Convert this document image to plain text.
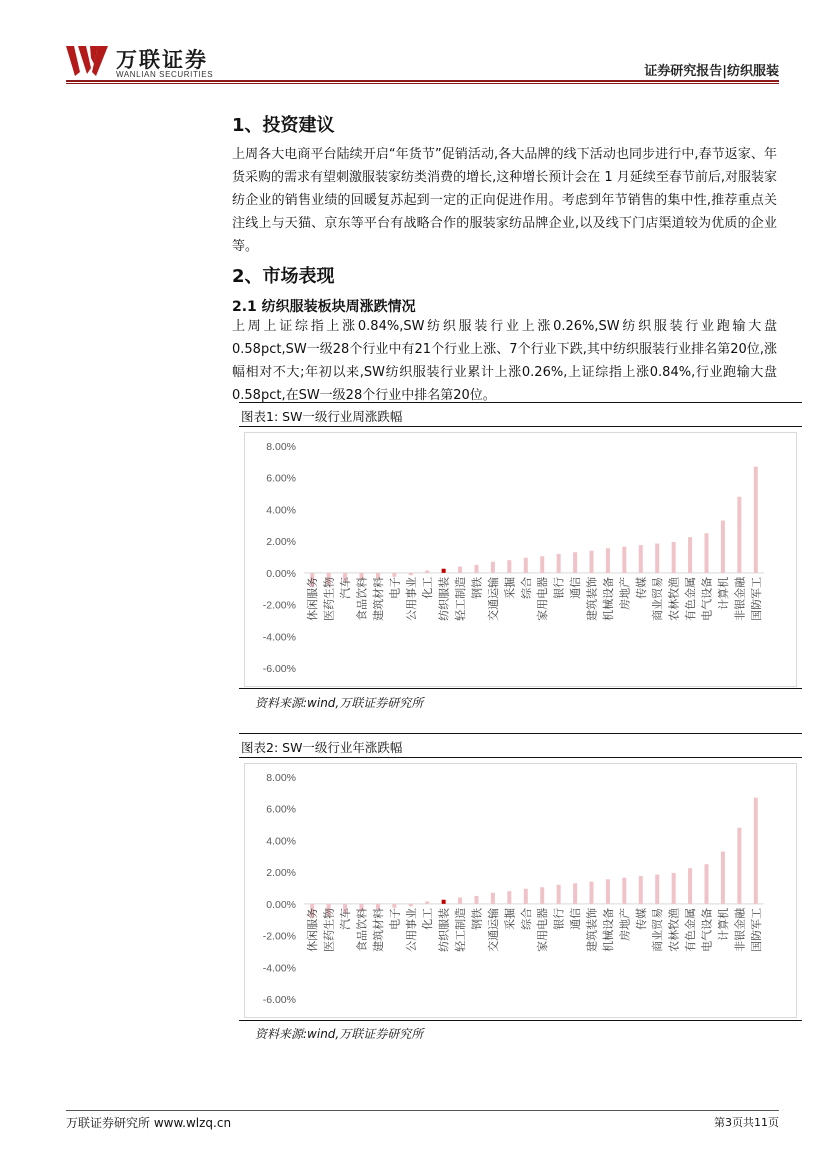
万联证券
WANLIAN SECURITIES	证券研究报告|纺织服装
1、投资建议
上周各大电商平台陆续开启“年货节”促销活动,各大品牌的线下活动也同步进行中,春节返家、年货采购的需求有望刺激服装家纺类消费的增长,这种增长预计会在 1 月延续至春节前后,对服装家纺企业的销售业绩的回暖复苏起到一定的正向促进作用。考虑到年节销售的集中性,推荐重点关注线上与天猫、京东等平台有战略合作的服装家纺品牌企业,以及线下门店渠道较为优质的企业等。
2、市场表现
2.1 纺织服装板块周涨跌情况
上周上证综指上涨0.84%,SW纺织服装行业上涨0.26%,SW纺织服装行业跑输大盘0.58pct,SW一级28个行业中有21个行业上涨、7个行业下跌,其中纺织服装行业排名第20位,涨幅相对不大;年初以来,SW纺织服装行业累计上涨0.26%,上证综指上涨0.84%,行业跑输大盘0.58pct,在SW一级28个行业中排名第20位。
图表1: SW一级行业周涨跌幅
8.00%
6.00%
4.00%
2.00%
0.00%
-2.00%
-4.00%
-6.00%
休闲服务 医药生物 汽车 食品饮料 建筑材料 电子 公用事业 化工 纺织服装 轻工制造 钢铁 交通运输 采掘 综合 家用电器 银行 通信 建筑装饰 机械设备 房地产 传媒 商业贸易 农林牧渔 有色金属 电气设备 计算机 非银金融 国防军工
资料来源:wind,万联证券研究所
图表2: SW一级行业年涨跌幅
8.00%
6.00%
4.00%
2.00%
0.00%
-2.00%
-4.00%
-6.00%
休闲服务 医药生物 汽车 食品饮料 建筑材料 电子 公用事业 化工 纺织服装 轻工制造 钢铁 交通运输 采掘 综合 家用电器 银行 通信 建筑装饰 机械设备 房地产 传媒 商业贸易 农林牧渔 有色金属 电气设备 计算机 非银金融 国防军工
资料来源:wind,万联证券研究所
万联证券研究所 www.wlzq.cn	第3页共11页
